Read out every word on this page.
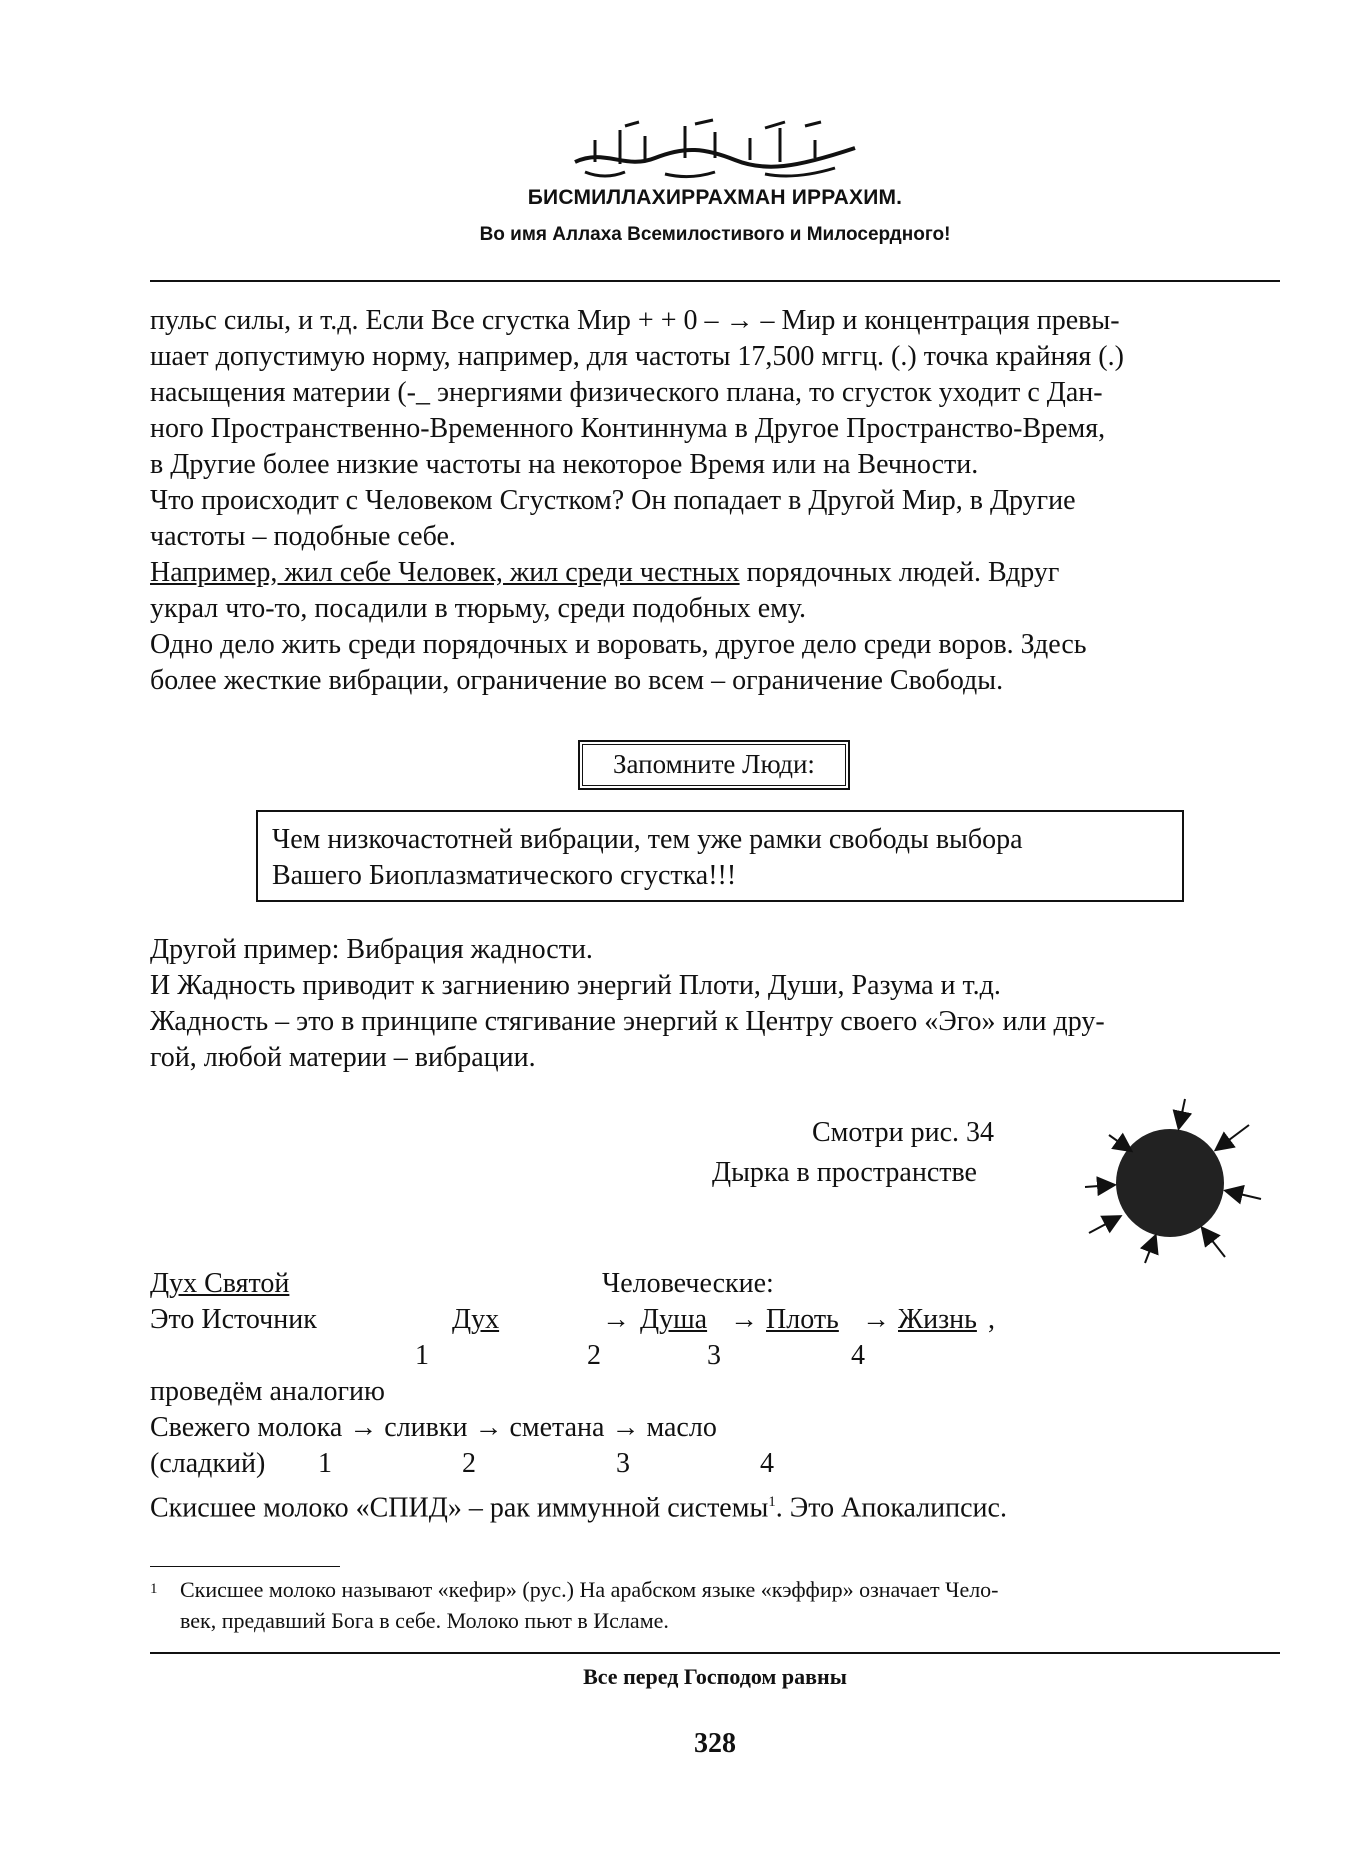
БИСМИЛЛАХИРРАХМАН ИРРАХИМ.
Во имя Аллаха Всемилостивого и Милосердного!

пульс силы, и т.д. Если Все сгустка Мир + + 0 – → – Мир и концентрация превы-

шает допустимую норму, например, для частоты 17,500 мггц. (.) точка крайняя (.)

насыщения материи (-_ энергиями физического плана, то сгусток уходит с Дан-

ного Пространственно-Временного Континнума в Другое Пространство-Время,

в Другие более низкие частоты на некоторое Время или на Вечности.

Что происходит с Человеком Сгустком? Он попадает в Другой Мир, в Другие

частоты – подобные себе.

Например, жил себе Человек, жил среди честных порядочных людей. Вдруг

украл что-то, посадили в тюрьму, среди подобных ему.

Одно дело жить среди порядочных и воровать, другое дело среди воров. Здесь

более жесткие вибрации, ограничение во всем – ограничение Свободы.

Запомните Люди:
Чем низкочастотней вибрации, тем уже рамки свободы выбора
Вашего Биоплазматического сгустка!!!

Другой пример: Вибрация жадности.

И Жадность приводит к загниению энергий Плоти, Души, Разума и т.д.

Жадность – это в принципе стягивание энергий к Центру своего «Эго» или дру-

гой, любой материи – вибрации.

Смотри рис. 34
Дырка в пространстве
Дух Святой	Человеческие:
Это Источник	Дух	→ Душа → Плоть → Жизнь ,
1	2	3	4
проведём аналогию
Свежего молока → сливки → сметана → масло
(сладкий) 1	2	3	4
Скисшее молоко «СПИД» – рак иммунной системы$^1$. Это Апокалипсис.
1	Скисшее молоко называют «кефир» (рус.) На арабском языке «кэффир» означает Чело-
век, предавший Бога в себе. Молоко пьют в Исламе.
Все перед Господом равны
328
